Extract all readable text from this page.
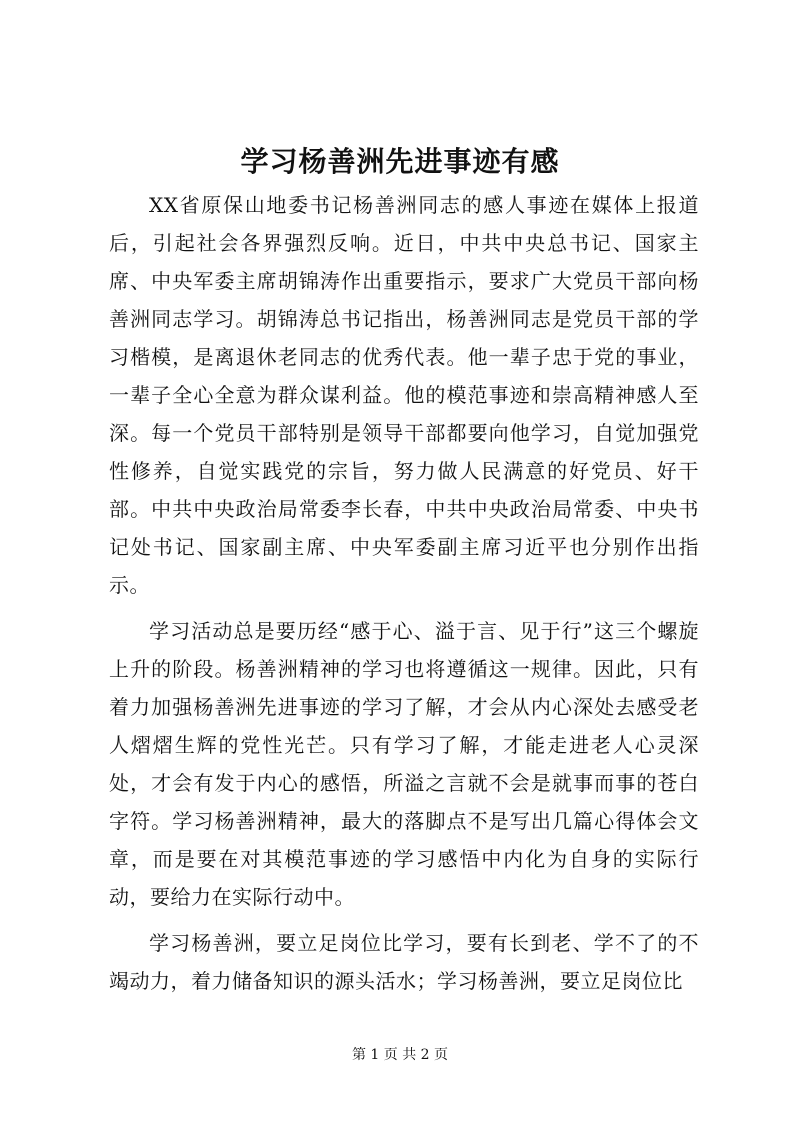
学习杨善洲先进事迹有感

XX省原保山地委书记杨善洲同志的感人事迹在媒体上报道后，引起社会各界强烈反响。近日，中共中央总书记、国家主席、中央军委主席胡锦涛作出重要指示，要求广大党员干部向杨善洲同志学习。胡锦涛总书记指出，杨善洲同志是党员干部的学习楷模，是离退休老同志的优秀代表。他一辈子忠于党的事业，一辈子全心全意为群众谋利益。他的模范事迹和崇高精神感人至深。每一个党员干部特别是领导干部都要向他学习，自觉加强党性修养，自觉实践党的宗旨，努力做人民满意的好党员、好干部。中共中央政治局常委李长春，中共中央政治局常委、中央书记处书记、国家副主席、中央军委副主席习近平也分别作出指示。

学习活动总是要历经“感于心、溢于言、见于行”这三个螺旋上升的阶段。杨善洲精神的学习也将遵循这一规律。因此，只有着力加强杨善洲先进事迹的学习了解，才会从内心深处去感受老人熠熠生辉的党性光芒。只有学习了解，才能走进老人心灵深处，才会有发于内心的感悟，所溢之言就不会是就事而事的苍白字符。学习杨善洲精神，最大的落脚点不是写出几篇心得体会文章，而是要在对其模范事迹的学习感悟中内化为自身的实际行动，要给力在实际行动中。

学习杨善洲，要立足岗位比学习，要有长到老、学不了的不竭动力，着力储备知识的源头活水；学习杨善洲，要立足岗位比

第 1 页 共 2 页
